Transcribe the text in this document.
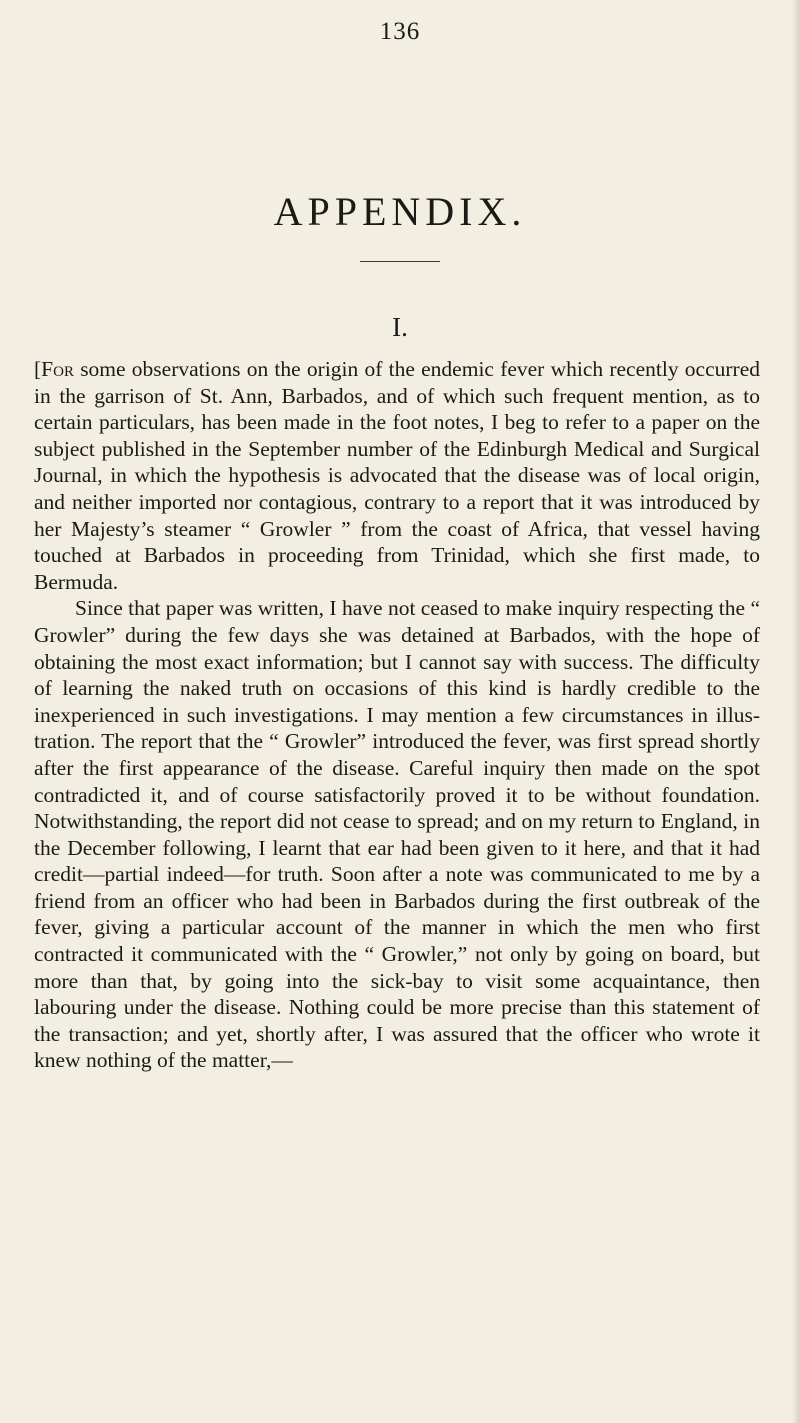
136
APPENDIX.
I.

[For some observations on the origin of the endemic fever which recently occurred in the garrison of St. Ann, Barbados, and of which such frequent mention, as to certain particulars, has been made in the foot notes, I beg to refer to a paper on the subject published in the September number of the Edinburgh Medical and Surgical Journal, in which the hypothesis is advocated that the disease was of local origin, and neither imported nor contagious, contrary to a report that it was introduced by her Majesty’s steamer “ Growler ” from the coast of Africa, that vessel having touched at Barbados in proceeding from Trinidad, which she first made, to Bermuda.

Since that paper was written, I have not ceased to make inquiry respecting the “ Growler” during the few days she was detained at Barbados, with the hope of obtaining the most exact information; but I cannot say with success. The difficulty of learning the naked truth on occasions of this kind is hardly credible to the inexperienced in such investigations. I may mention a few circumstances in illustration. The report that the “ Growler” introduced the fever, was first spread shortly after the first appearance of the disease. Careful inquiry then made on the spot contradicted it, and of course satisfactorily proved it to be without foundation. Notwithstanding, the report did not cease to spread; and on my return to England, in the December following, I learnt that ear had been given to it here, and that it had credit—partial indeed—for truth. Soon after a note was communicated to me by a friend from an officer who had been in Barbados during the first outbreak of the fever, giving a particular account of the manner in which the men who first contracted it communicated with the “ Growler,” not only by going on board, but more than that, by going into the sick-bay to visit some acquaintance, then labouring under the disease. Nothing could be more precise than this statement of the transaction; and yet, shortly after, I was assured that the officer who wrote it knew nothing of the matter,—
